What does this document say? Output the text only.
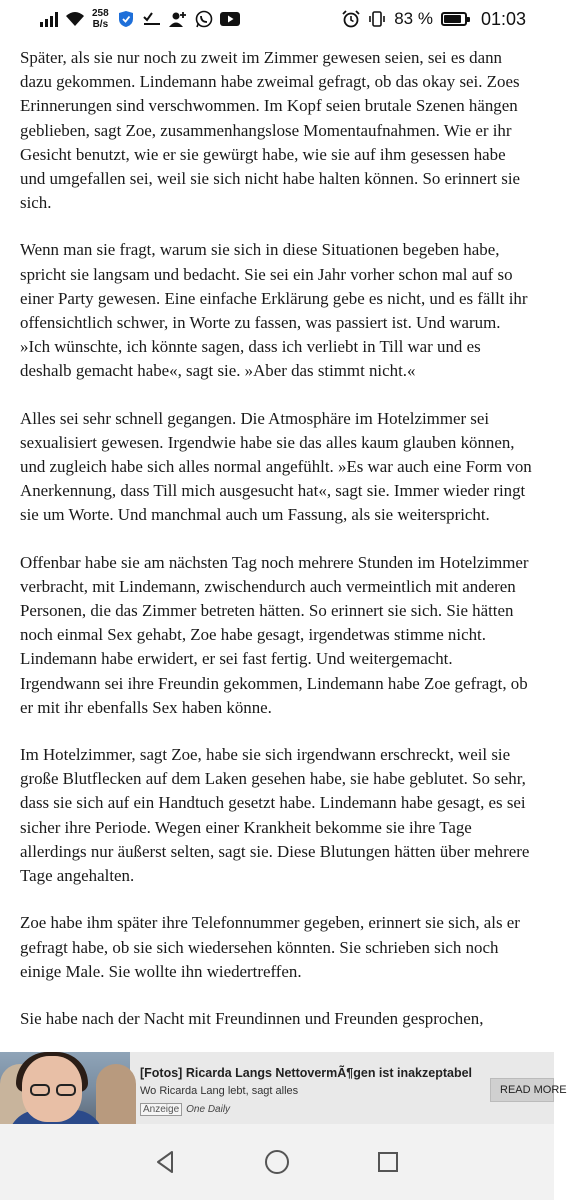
258
B/s	83 %	01:03

Später, als sie nur noch zu zweit im Zimmer gewesen seien, sei es dann dazu gekommen. Lindemann habe zweimal gefragt, ob das okay sei. Zoes Erinnerungen sind verschwommen. Im Kopf seien brutale Szenen hängen geblieben, sagt Zoe, zusammenhangslose Momentaufnahmen. Wie er ihr Gesicht benutzt, wie er sie gewürgt habe, wie sie auf ihm gesessen habe und umgefallen sei, weil sie sich nicht habe halten können. So erinnert sie sich.

Wenn man sie fragt, warum sie sich in diese Situationen begeben habe, spricht sie langsam und bedacht. Sie sei ein Jahr vorher schon mal auf so einer Party gewesen. Eine einfache Erklärung gebe es nicht, und es fällt ihr offensichtlich schwer, in Worte zu fassen, was passiert ist. Und warum. »Ich wünschte, ich könnte sagen, dass ich verliebt in Till war und es deshalb gemacht habe«, sagt sie. »Aber das stimmt nicht.«

Alles sei sehr schnell gegangen. Die Atmosphäre im Hotelzimmer sei sexualisiert gewesen. Irgendwie habe sie das alles kaum glauben können, und zugleich habe sich alles normal angefühlt. »Es war auch eine Form von Anerkennung, dass Till mich ausgesucht hat«, sagt sie. Immer wieder ringt sie um Worte. Und manchmal auch um Fassung, als sie weiterspricht.

Offenbar habe sie am nächsten Tag noch mehrere Stunden im Hotelzimmer verbracht, mit Lindemann, zwischendurch auch vermeintlich mit anderen Personen, die das Zimmer betreten hätten. So erinnert sie sich. Sie hätten noch einmal Sex gehabt, Zoe habe gesagt, irgendetwas stimme nicht. Lindemann habe erwidert, er sei fast fertig. Und weitergemacht. Irgendwann sei ihre Freundin gekommen, Lindemann habe Zoe gefragt, ob er mit ihr ebenfalls Sex haben könne.

Im Hotelzimmer, sagt Zoe, habe sie sich irgendwann erschreckt, weil sie große Blutflecken auf dem Laken gesehen habe, sie habe geblutet. So sehr, dass sie sich auf ein Handtuch gesetzt habe. Lindemann habe gesagt, es sei sicher ihre Periode. Wegen einer Krankheit bekomme sie ihre Tage allerdings nur äußerst selten, sagt sie. Diese Blutungen hätten über mehrere Tage angehalten.

Zoe habe ihm später ihre Telefonnummer gegeben, erinnert sie sich, als er gefragt habe, ob sie sich wiedersehen könnten. Sie schrieben sich noch einige Male. Sie wollte ihn wiedertreffen.

Sie habe nach der Nacht mit Freundinnen und Freunden gesprochen,

[Fotos] Ricarda Langs NettovermÃ¶gen ist inakzeptabel
Wo Ricarda Lang lebt, sagt alles
Anzeige One Daily
READ MORE
